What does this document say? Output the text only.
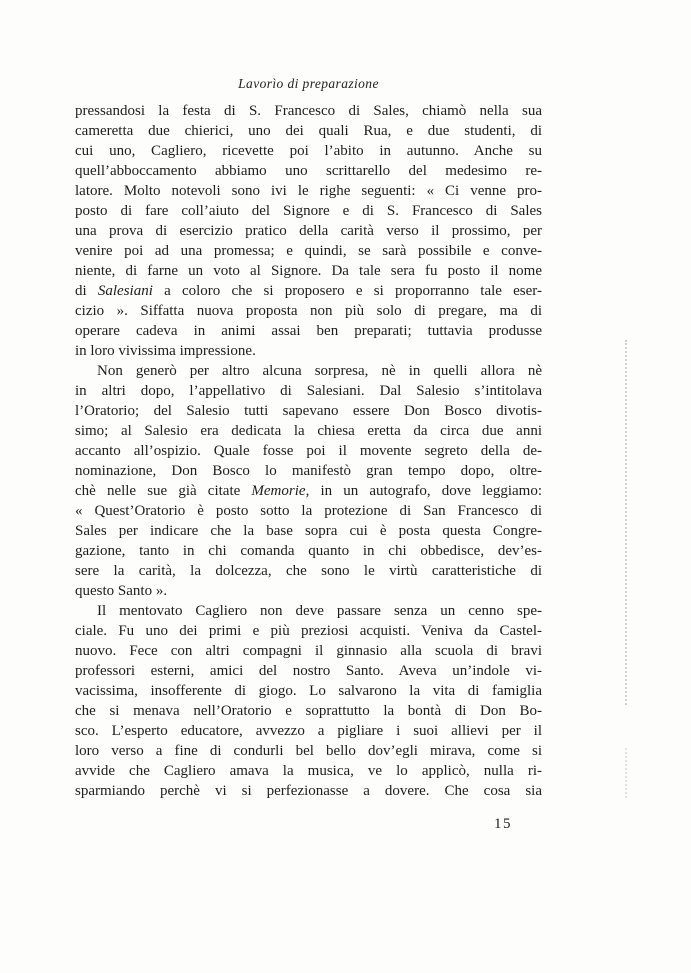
Lavorìo di preparazione
pressandosi la festa di S. Francesco di Sales, chiamò nella sua
cameretta due chierici, uno dei quali Rua, e due studenti, di
cui uno, Cagliero, ricevette poi l’abito in autunno. Anche su
quell’abboccamento abbiamo uno scrittarello del medesimo re-
latore. Molto notevoli sono ivi le righe seguenti: « Ci venne pro-
posto di fare coll’aiuto del Signore e di S. Francesco di Sales
una prova di esercizio pratico della carità verso il prossimo, per
venire poi ad una promessa; e quindi, se sarà possibile e conve-
niente, di farne un voto al Signore. Da tale sera fu posto il nome
di Salesiani a coloro che si proposero e si proporranno tale eser-
cizio ». Siffatta nuova proposta non più solo di pregare, ma di
operare cadeva in animi assai ben preparati; tuttavia produsse
in loro vivissima impressione.
Non generò per altro alcuna sorpresa, nè in quelli allora nè
in altri dopo, l’appellativo di Salesiani. Dal Salesio s’intitolava
l’Oratorio; del Salesio tutti sapevano essere Don Bosco divotis-
simo; al Salesio era dedicata la chiesa eretta da circa due anni
accanto all’ospizio. Quale fosse poi il movente segreto della de-
nominazione, Don Bosco lo manifestò gran tempo dopo, oltre-
chè nelle sue già citate Memorie, in un autografo, dove leggiamo:
« Quest’Oratorio è posto sotto la protezione di San Francesco di
Sales per indicare che la base sopra cui è posta questa Congre-
gazione, tanto in chi comanda quanto in chi obbedisce, dev’es-
sere la carità, la dolcezza, che sono le virtù caratteristiche di
questo Santo ».
Il mentovato Cagliero non deve passare senza un cenno spe-
ciale. Fu uno dei primi e più preziosi acquisti. Veniva da Castel-
nuovo. Fece con altri compagni il ginnasio alla scuola di bravi
professori esterni, amici del nostro Santo. Aveva un’indole vi-
vacissima, insofferente di giogo. Lo salvarono la vita di famiglia
che si menava nell’Oratorio e soprattutto la bontà di Don Bo-
sco. L’esperto educatore, avvezzo a pigliare i suoi allievi per il
loro verso a fine di condurli bel bello dov’egli mirava, come si
avvide che Cagliero amava la musica, ve lo applicò, nulla ri-
sparmiando perchè vi si perfezionasse a dovere. Che cosa sia
15
